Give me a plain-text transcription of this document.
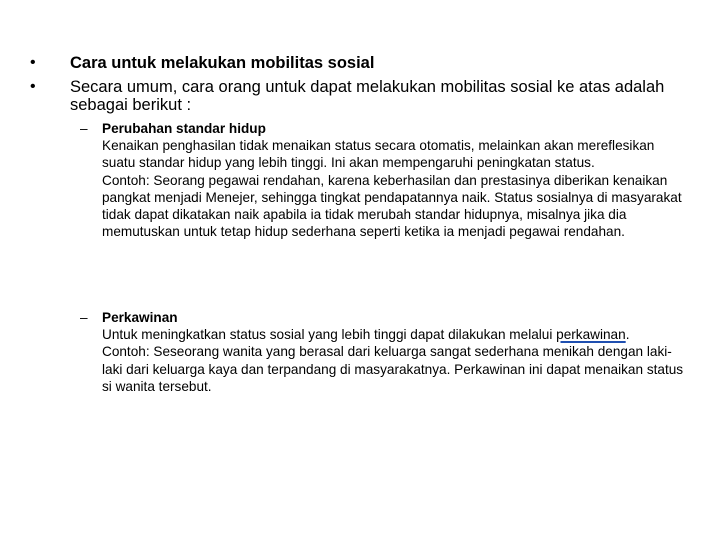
• Cara untuk melakukan mobilitas sosial
• Secara umum, cara orang untuk dapat melakukan mobilitas sosial ke atas adalah sebagai berikut :
– Perubahan standar hidup
Kenaikan penghasilan tidak menaikan status secara otomatis, melainkan akan mereflesikan suatu standar hidup yang lebih tinggi. Ini akan mempengaruhi peningkatan status.
Contoh: Seorang pegawai rendahan, karena keberhasilan dan prestasinya diberikan kenaikan pangkat menjadi Menejer, sehingga tingkat pendapatannya naik. Status sosialnya di masyarakat tidak dapat dikatakan naik apabila ia tidak merubah standar hidupnya, misalnya jika dia memutuskan untuk tetap hidup sederhana seperti ketika ia menjadi pegawai rendahan.
– Perkawinan
Untuk meningkatkan status sosial yang lebih tinggi dapat dilakukan melalui perkawinan.
Contoh: Seseorang wanita yang berasal dari keluarga sangat sederhana menikah dengan laki-laki dari keluarga kaya dan terpandang di masyarakatnya. Perkawinan ini dapat menaikan status si wanita tersebut.
